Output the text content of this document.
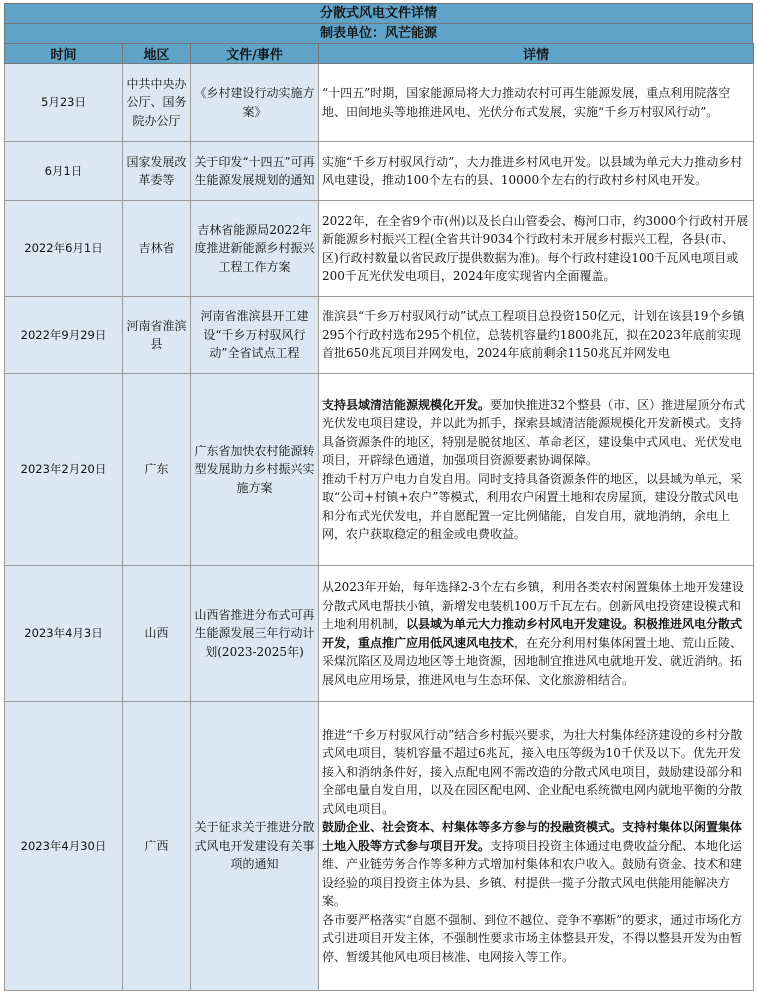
分散式风电文件详情
制表单位：风芒能源
时间	地区	文件/事件	详情
5月23日	中共中央办公厅、国务院办公厅	《乡村建设行动实施方案》	“十四五”时期，国家能源局将大力推动农村可再生能源发展，重点利用院落空地、田间地头等地推进风电、光伏分布式发展，实施“千乡万村驭风行动”。
6月1日	国家发展改革委等	关于印发“十四五”可再生能源发展规划的通知	实施“千乡万村驭风行动”，大力推进乡村风电开发。以县域为单元大力推动乡村风电建设，推动100个左右的县、10000个左右的行政村乡村风电开发。
2022年6月1日	吉林省	吉林省能源局2022年度推进新能源乡村振兴工程工作方案	2022年，在全省9个市(州)以及长白山管委会、梅河口市，约3000个行政村开展新能源乡村振兴工程(全省共计9034个行政村未开展乡村振兴工程，各县(市、区)行政村数量以省民政厅提供数据为准)。每个行政村建设100千瓦风电项目或200千瓦光伏发电项目，2024年度实现省内全面覆盖。
2022年9月29日	河南省淮滨县	河南省淮滨县开工建设“千乡万村驭风行动”全省试点工程	淮滨县“千乡万村驭风行动”试点工程项目总投资150亿元，计划在该县19个乡镇295个行政村选布295个机位，总装机容量约1800兆瓦，拟在2023年底前实现首批650兆瓦项目并网发电，2024年底前剩余1150兆瓦并网发电
2023年2月20日	广东	广东省加快农村能源转型发展助力乡村振兴实施方案	支持县域清洁能源规模化开发。要加快推进32个整县（市、区）推进屋顶分布式光伏发电项目建设，并以此为抓手，探索县域清洁能源规模化开发新模式。支持具备资源条件的地区，特别是脱贫地区、革命老区，建设集中式风电、光伏发电项目，开辟绿色通道，加强项目资源要素协调保障。
推动千村万户电力自发自用。同时支持具备资源条件的地区，以县域为单元，采取“公司+村镇+农户”等模式，利用农户闲置土地和农房屋顶，建设分散式风电和分布式光伏发电，并自愿配置一定比例储能，自发自用，就地消纳，余电上网，农户获取稳定的租金或电费收益。
2023年4月3日	山西	山西省推进分布式可再生能源发展三年行动计划(2023-2025年)	从2023年开始，每年选择2-3个左右乡镇，利用各类农村闲置集体土地开发建设分散式风电帮扶小镇，新增发电装机100万千瓦左右。创新风电投资建设模式和土地利用机制，以县域为单元大力推动乡村风电开发建设。积极推进风电分散式开发，重点推广应用低风速风电技术，在充分利用村集体闲置土地、荒山丘陵、采煤沉陷区及周边地区等土地资源，因地制宜推进风电就地开发、就近消纳。拓展风电应用场景，推进风电与生态环保、文化旅游相结合。
2023年4月30日	广西	关于征求关于推进分散式风电开发建设有关事项的通知	推进“千乡万村驭风行动”结合乡村振兴要求，为壮大村集体经济建设的乡村分散式风电项目，装机容量不超过6兆瓦，接入电压等级为10千伏及以下。优先开发接入和消纳条件好，接入点配电网不需改造的分散式风电项目，鼓励建设部分和全部电量自发自用，以及在园区配电网、企业配电系统微电网内就地平衡的分散式风电项目。
鼓励企业、社会资本、村集体等多方参与的投融资模式。支持村集体以闲置集体土地入股等方式参与项目开发。支持项目投资主体通过电费收益分配、本地化运维、产业链劳务合作等多种方式增加村集体和农户收入。鼓励有资金、技术和建设经验的项目投资主体为县、乡镇、村提供一揽子分散式风电供能用能解决方案。
各市要严格落实“自愿不强制、到位不越位、竞争不搴断”的要求，通过市场化方式引进项目开发主体，不强制性要求市场主体整县开发，不得以整县开发为由暂停、暂缓其他风电项目核准、电网接入等工作。
